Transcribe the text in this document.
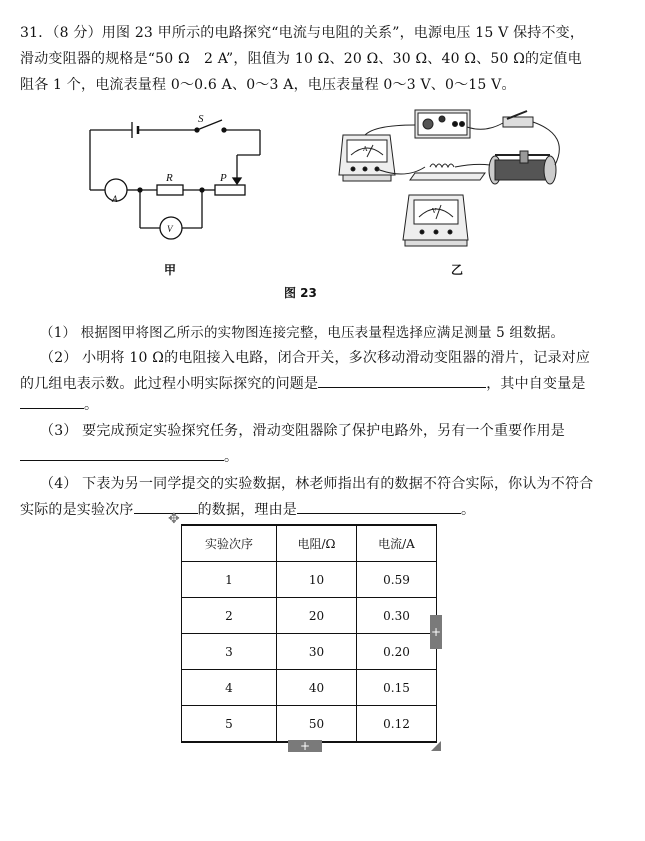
31．（8 分）用图 23 甲所示的电路探究“电流与电阻的关系”，电源电压 15 V 保持不变，
滑动变阻器的规格是“50 Ω　2 A”，阻值为 10 Ω、20 Ω、30 Ω、40 Ω、50 Ω的定值电
阻各 1 个，电流表量程 0～0.6 A、0～3 A，电压表量程 0～3 V、0～15 V。
S
R	P
A
V
A
V
甲	乙
图 23
（1） 根据图甲将图乙所示的实物图连接完整，电压表量程选择应满足测量 5 组数据。
（2） 小明将 10 Ω的电阻接入电路，闭合开关，多次移动滑动变阻器的滑片，记录对应
的几组电表示数。此过程小明实际探究的问题是	，其中自变量是
。
（3） 要完成预定实验探究任务，滑动变阻器除了保护电路外，另有一个重要作用是
。
（4） 下表为另一同学提交的实验数据，林老师指出有的数据不符合实际，你认为不符合
实际的是实验次序	的数据，理由是	。
✥
实验次序	电阻/Ω	电流/A
1	10	0.59
2	20	0.30
3	30	0.20
4	40	0.15
5	50	0.12
+
+
